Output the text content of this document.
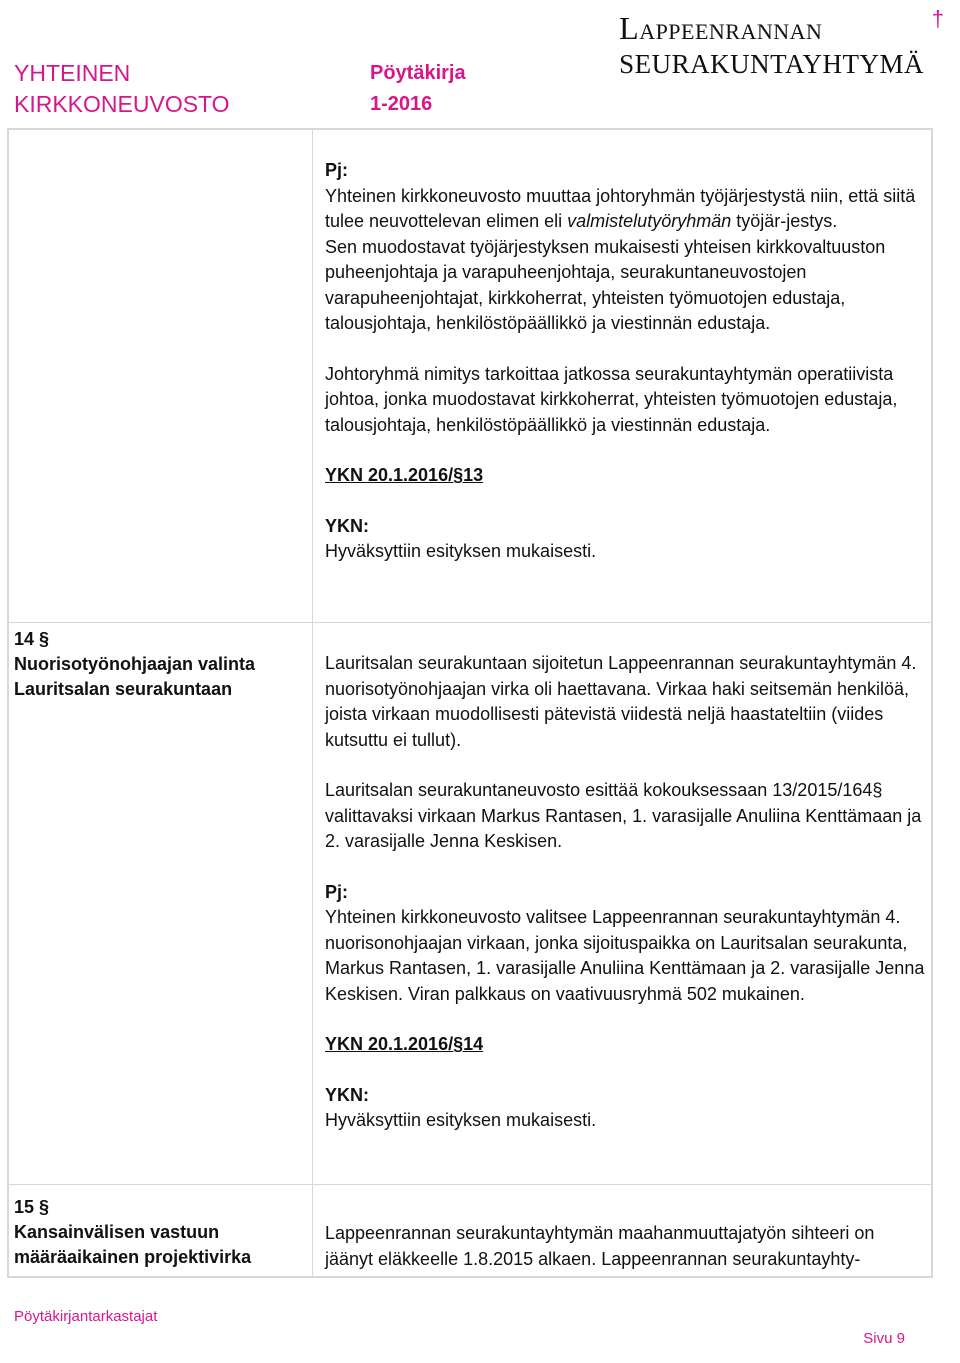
YHTEINEN
KIRKKONEUVOSTO
Pöytäkirja
1-2016
Lappeenrannan	†
SEURAKUNTAYHTYMÄ

Pj:

Yhteinen kirkkoneuvosto muuttaa johtoryhmän työjärjestystä niin, että siitä tulee neuvottelevan elimen eli valmistelutyöryhmän työjär-jestys.

Sen muodostavat työjärjestyksen mukaisesti yhteisen kirkkovaltuuston puheenjohtaja ja varapuheenjohtaja, seurakuntaneuvostojen varapuheenjohtajat, kirkkoherrat, yhteisten työmuotojen edustaja, talousjohtaja, henkilöstöpäällikkö ja viestinnän edustaja.

Johtoryhmä nimitys tarkoittaa jatkossa seurakuntayhtymän operatiivista johtoa, jonka muodostavat kirkkoherrat, yhteisten työmuotojen edustaja, talousjohtaja, henkilöstöpäällikkö ja viestinnän edustaja.

YKN 20.1.2016/§13

YKN:

Hyväksyttiin esityksen mukaisesti.

14 §
Nuorisotyönohjaajan valinta Lauritsalan seurakuntaan

Lauritsalan seurakuntaan sijoitetun Lappeenrannan seurakuntayhtymän 4. nuorisotyönohjaajan virka oli haettavana. Virkaa haki seitsemän henkilöä, joista virkaan muodollisesti pätevistä viidestä neljä haastateltiin (viides kutsuttu ei tullut).

Lauritsalan seurakuntaneuvosto esittää kokouksessaan 13/2015/164§ valittavaksi virkaan Markus Rantasen, 1. varasijalle Anuliina Kenttämaan ja 2. varasijalle Jenna Keskisen.

Pj:

Yhteinen kirkkoneuvosto valitsee Lappeenrannan seurakuntayhtymän 4. nuorisonohjaajan virkaan, jonka sijoituspaikka on Lauritsalan seurakunta, Markus Rantasen, 1. varasijalle Anuliina Kenttämaan ja 2. varasijalle Jenna Keskisen. Viran palkkaus on vaativuusryhmä 502 mukainen.

YKN 20.1.2016/§14

YKN:

Hyväksyttiin esityksen mukaisesti.

15 §
Kansainvälisen vastuun määräaikainen projektivirka

Lappeenrannan seurakuntayhtymän maahanmuuttajatyön sihteeri on jäänyt eläkkeelle 1.8.2015 alkaen. Lappeenrannan seurakuntayhty-

Pöytäkirjantarkastajat
Sivu 9
